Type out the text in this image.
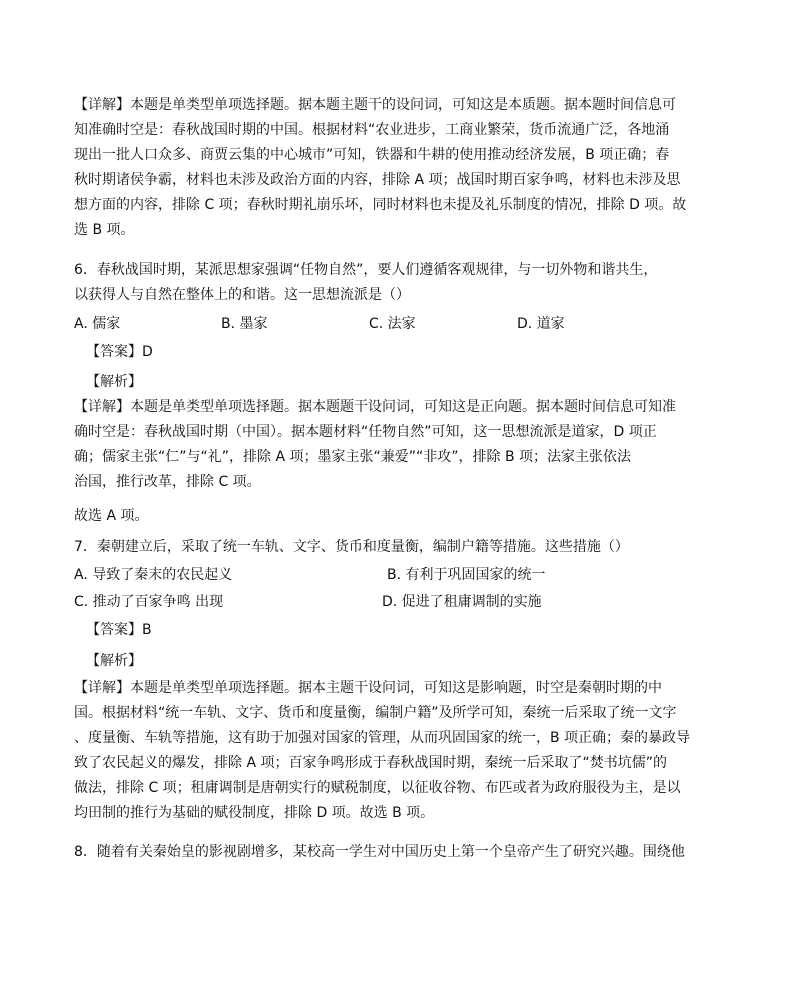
【详解】本题是单类型单项选择题。据本题主题干的设问词，可知这是本质题。据本题时间信息可
知准确时空是：春秋战国时期的中国。根据材料“农业进步，工商业繁荣，货币流通广泛，各地涌
现出一批人口众多、商贾云集的中心城市”可知，铁器和牛耕的使用推动经济发展，B 项正确；春
秋时期诸侯争霸，材料也未涉及政治方面的内容，排除 A 项；战国时期百家争鸣，材料也未涉及思
想方面的内容，排除 C 项；春秋时期礼崩乐坏，同时材料也未提及礼乐制度的情况，排除 D 项。故
选 B 项。
6．春秋战国时期，某派思想家强调“任物自然”，要人们遵循客观规律，与一切外物和谐共生，
以获得人与自然在整体上的和谐。这一思想流派是（）
A. 儒家	B. 墨家	C. 法家	D. 道家

【答案】D

【解析】

【详解】本题是单类型单项选择题。据本题题干设问词，可知这是正向题。据本题时间信息可知准
确时空是：春秋战国时期（中国）。据本题材料“任物自然”可知，这一思想流派是道家，D 项正
确；儒家主张“仁”与“礼”，排除 A 项；墨家主张“兼爱”“非攻”，排除 B 项；法家主张依法
治国，推行改革，排除 C 项。

故选 A 项。

7．秦朝建立后，采取了统一车轨、文字、货币和度量衡，编制户籍等措施。这些措施（）

A. 导致了秦末的农民起义	B. 有利于巩固国家的统一
C. 推动了百家争鸣 出现	D. 促进了租庸调制的实施

【答案】B

【解析】

【详解】本题是单类型单项选择题。据本主题干设问词，可知这是影响题，时空是秦朝时期的中
国。根据材料“统一车轨、文字、货币和度量衡，编制户籍”及所学可知，秦统一后采取了统一文字
、度量衡、车轨等措施，这有助于加强对国家的管理，从而巩固国家的统一，B 项正确；秦的暴政导
致了农民起义的爆发，排除 A 项；百家争鸣形成于春秋战国时期，秦统一后采取了“焚书坑儒”的
做法，排除 C 项；租庸调制是唐朝实行的赋税制度，以征收谷物、布匹或者为政府服役为主，是以
均田制的推行为基础的赋役制度，排除 D 项。故选 B 项。

8．随着有关秦始皇的影视剧增多，某校高一学生对中国历史上第一个皇帝产生了研究兴趣。围绕他
